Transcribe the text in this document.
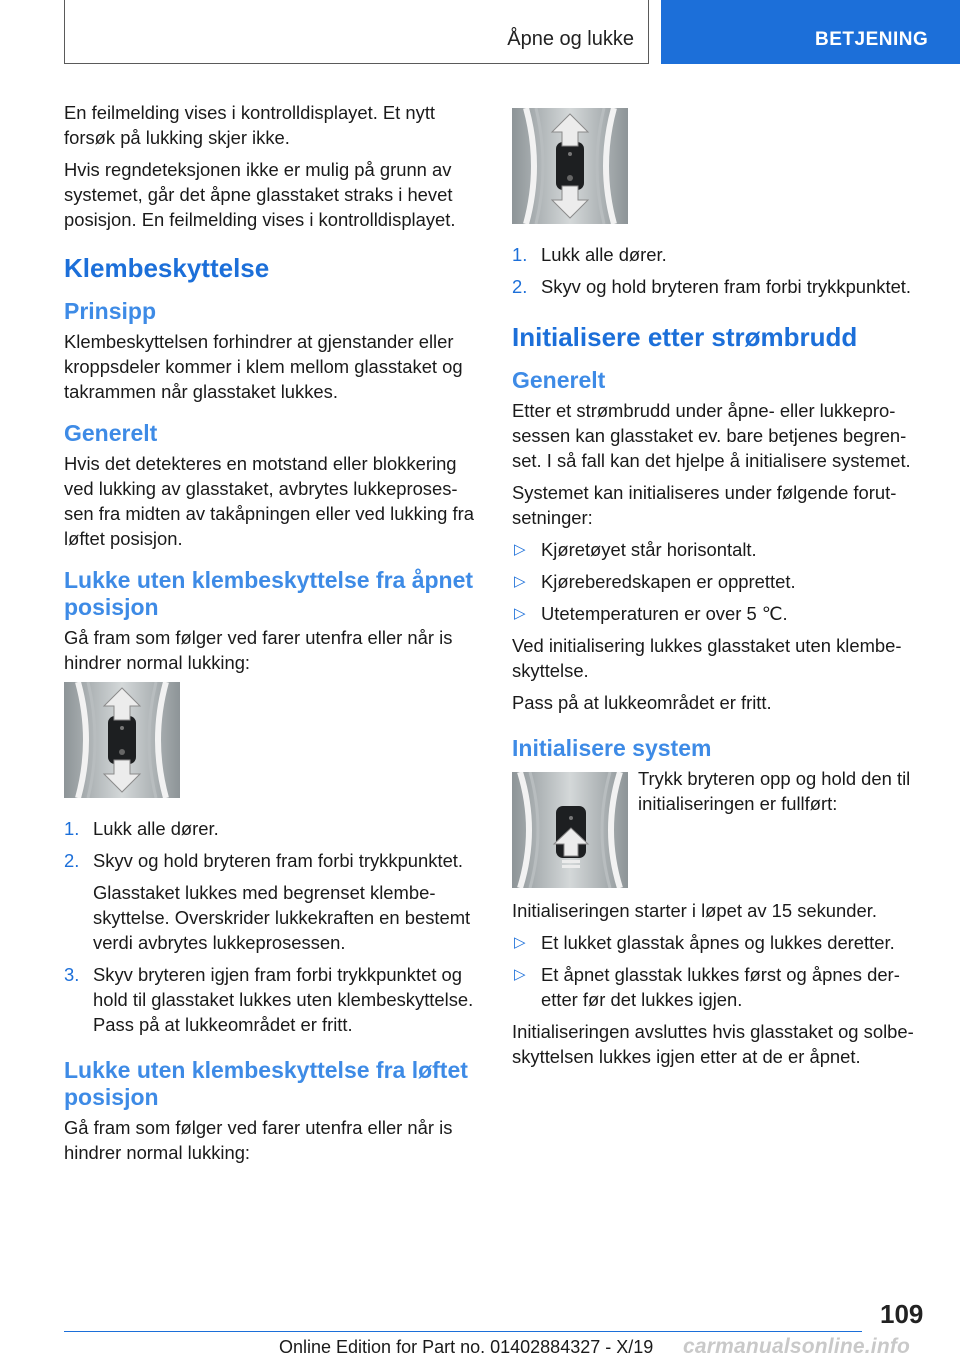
Åpne og lukke	BETJENING

En feilmelding vises i kontrolldisplayet. Et nytt forsøk på lukking skjer ikke.

Hvis regndeteksjonen ikke er mulig på grunn av systemet, går det åpne glasstaket straks i hevet posisjon. En feilmelding vises i kontrolldisplayet.

Klembeskyttelse
Prinsipp

Klembeskyttelsen forhindrer at gjenstander eller kroppsdeler kommer i klem mellom glasstaket og takrammen når glasstaket lukkes.

Generelt

Hvis det detekteres en motstand eller blokkering ved lukking av glasstaket, avbrytes lukkeprosessen fra midten av takåpningen eller ved lukking fra løftet posisjon.

Lukke uten klembeskyttelse fra åpnet posisjon

Gå fram som følger ved farer utenfra eller når is hindrer normal lukking:

1. Lukk alle dører.
2. Skyv og hold bryteren fram forbi trykkpunktet.

Glasstaket lukkes med begrenset klembeskyttelse. Overskrider lukkekraften en bestemt verdi avbrytes lukkeprosessen.

3. Skyv bryteren igjen fram forbi trykkpunktet og hold til glasstaket lukkes uten klembeskyttelse. Pass på at lukkeområdet er fritt.
Lukke uten klembeskyttelse fra løftet posisjon

Gå fram som følger ved farer utenfra eller når is hindrer normal lukking:

1. Lukk alle dører.
2. Skyv og hold bryteren fram forbi trykkpunktet.
Initialisere etter strømbrudd
Generelt

Etter et strømbrudd under åpne- eller lukkeprosessen kan glasstaket ev. bare betjenes begrenset. I så fall kan det hjelpe å initialisere systemet.

Systemet kan initialiseres under følgende forutsetninger:

▷ Kjøretøyet står horisontalt.
▷ Kjøreberedskapen er opprettet.
▷ Utetemperaturen er over 5 ℃.

Ved initialisering lukkes glasstaket uten klembeskyttelse.

Pass på at lukkeområdet er fritt.

Initialisere system

Trykk bryteren opp og hold den til initialiseringen er fullført:

Initialiseringen starter i løpet av 15 sekunder.

▷ Et lukket glasstak åpnes og lukkes deretter.
▷ Et åpnet glasstak lukkes først og åpnes deretter før det lukkes igjen.

Initialiseringen avsluttes hvis glasstaket og solbeskyttelsen lukkes igjen etter at de er åpnet.

109
Online Edition for Part no. 01402884327 - X/19 carmanualsonline.info
